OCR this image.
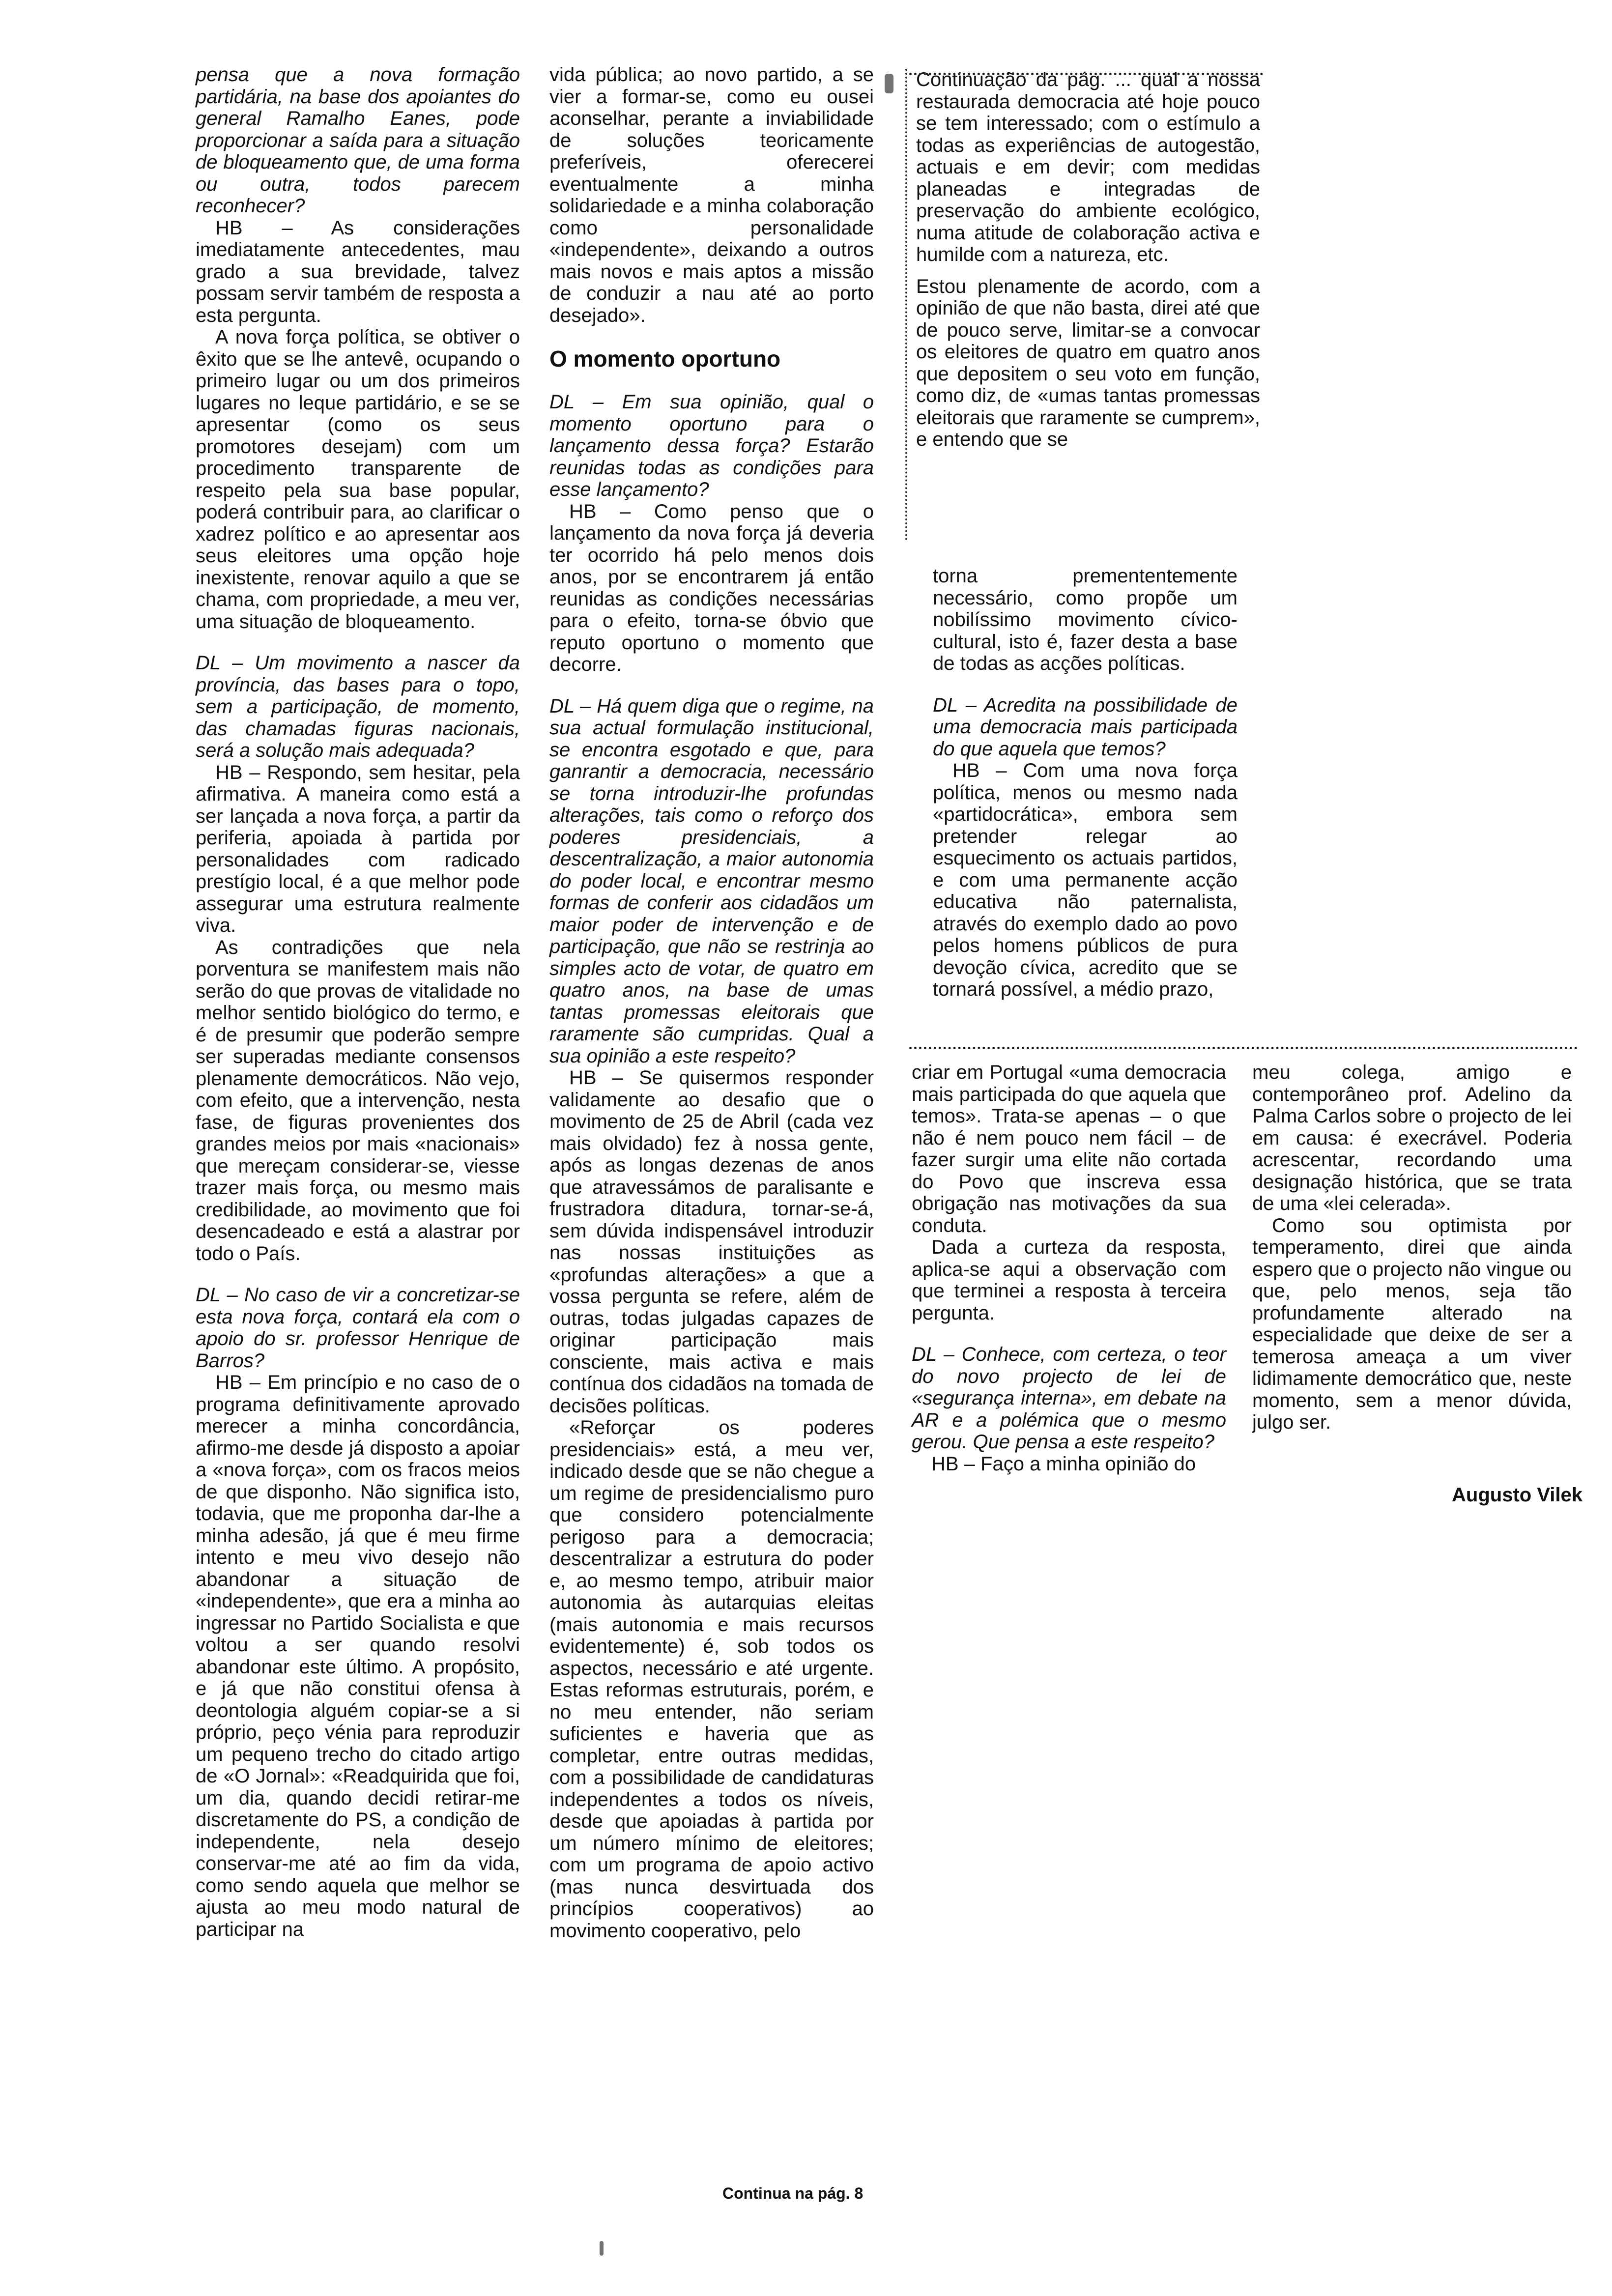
pensa que a nova formação partidária, na base dos apoiantes do general Ramalho Eanes, pode proporcionar a saída para a situação de bloqueamento que, de uma forma ou outra, todos parecem reconhecer?

HB – As considerações imediatamente antecedentes, mau grado a sua brevidade, talvez possam servir também de resposta a esta pergunta.

A nova força política, se obtiver o êxito que se lhe antevê, ocupando o primeiro lugar ou um dos primeiros lugares no leque partidário, e se se apresentar (como os seus promotores desejam) com um procedimento transparente de respeito pela sua base popular, poderá contribuir para, ao clarificar o xadrez político e ao apresentar aos seus eleitores uma opção hoje inexistente, renovar aquilo a que se chama, com propriedade, a meu ver, uma situação de bloqueamento.

DL – Um movimento a nascer da província, das bases para o topo, sem a participação, de momento, das chamadas figuras nacionais, será a solução mais adequada?

HB – Respondo, sem hesitar, pela afirmativa. A maneira como está a ser lançada a nova força, a partir da periferia, apoiada à partida por personalidades com radicado prestígio local, é a que melhor pode assegurar uma estrutura realmente viva.

As contradições que nela porventura se manifestem mais não serão do que provas de vitalidade no melhor sentido biológico do termo, e é de presumir que poderão sempre ser superadas mediante consensos plenamente democráticos. Não vejo, com efeito, que a intervenção, nesta fase, de figuras provenientes dos grandes meios por mais «nacionais» que mereçam considerar-se, viesse trazer mais força, ou mesmo mais credibilidade, ao movimento que foi desencadeado e está a alastrar por todo o País.

DL – No caso de vir a concretizar-se esta nova força, contará ela com o apoio do sr. professor Henrique de Barros?

HB – Em princípio e no caso de o programa definitivamente aprovado merecer a minha concordância, afirmo-me desde já disposto a apoiar a «nova força», com os fracos meios de que disponho. Não significa isto, todavia, que me proponha dar-lhe a minha adesão, já que é meu firme intento e meu vivo desejo não abandonar a situação de «independente», que era a minha ao ingressar no Partido Socialista e que voltou a ser quando resolvi abandonar este último. A propósito, e já que não constitui ofensa à deontologia alguém copiar-se a si próprio, peço vénia para reproduzir um pequeno trecho do citado artigo de «O Jornal»: «Readquirida que foi, um dia, quando decidi retirar-me discretamente do PS, a condição de independente, nela desejo conservar-me até ao fim da vida, como sendo aquela que melhor se ajusta ao meu modo natural de participar na

vida pública; ao novo partido, a se vier a formar-se, como eu ousei aconselhar, perante a inviabilidade de soluções teoricamente preferíveis, oferecerei eventualmente a minha solidariedade e a minha colaboração como personalidade «independente», deixando a outros mais novos e mais aptos a missão de conduzir a nau até ao porto desejado».

O momento oportuno

DL – Em sua opinião, qual o momento oportuno para o lançamento dessa força? Estarão reunidas todas as condições para esse lançamento?

HB – Como penso que o lançamento da nova força já deveria ter ocorrido há pelo menos dois anos, por se encontrarem já então reunidas as condições necessárias para o efeito, torna-se óbvio que reputo oportuno o momento que decorre.

DL – Há quem diga que o regime, na sua actual formulação institucional, se encontra esgotado e que, para ganrantir a democracia, necessário se torna introduzir-lhe profundas alterações, tais como o reforço dos poderes presidenciais, a descentralização, a maior autonomia do poder local, e encontrar mesmo formas de conferir aos cidadãos um maior poder de intervenção e de participação, que não se restrinja ao simples acto de votar, de quatro em quatro anos, na base de umas tantas promessas eleitorais que raramente são cumpridas. Qual a sua opinião a este respeito?

HB – Se quisermos responder validamente ao desafio que o movimento de 25 de Abril (cada vez mais olvidado) fez à nossa gente, após as longas dezenas de anos que atravessámos de paralisante e frustradora ditadura, tornar-se-á, sem dúvida indispensável introduzir nas nossas instituições as «profundas alterações» a que a vossa pergunta se refere, além de outras, todas julgadas capazes de originar participação mais consciente, mais activa e mais contínua dos cidadãos na tomada de decisões políticas.

«Reforçar os poderes presidenciais» está, a meu ver, indicado desde que se não chegue a um regime de presidencialismo puro que considero potencialmente perigoso para a democracia; descentralizar a estrutura do poder e, ao mesmo tempo, atribuir maior autonomia às autarquias eleitas (mais autonomia e mais recursos evidentemente) é, sob todos os aspectos, necessário e até urgente. Estas reformas estruturais, porém, e no meu entender, não seriam suficientes e haveria que as completar, entre outras medidas, com a possibilidade de candidaturas independentes a todos os níveis, desde que apoiadas à partida por um número mínimo de eleitores; com um programa de apoio activo (mas nunca desvirtuada dos princípios cooperativos) ao movimento cooperativo, pelo

Continuação da pág. ... qual a nossa restaurada democracia até hoje pouco se tem interessado; com o estímulo a todas as experiências de autogestão, actuais e em devir; com medidas planeadas e integradas de preservação do ambiente ecológico, numa atitude de colaboração activa e humilde com a natureza, etc.

Estou plenamente de acordo, com a opinião de que não basta, direi até que de pouco serve, limitar-se a convocar os eleitores de quatro em quatro anos que depositem o seu voto em função, como diz, de «umas tantas promessas eleitorais que raramente se cumprem», e entendo que se

torna premententemente necessário, como propõe um nobilíssimo movimento cívico-cultural, isto é, fazer desta a base de todas as acções políticas.

DL – Acredita na possibilidade de uma democracia mais participada do que aquela que temos?

HB – Com uma nova força política, menos ou mesmo nada «partidocrática», embora sem pretender relegar ao esquecimento os actuais partidos, e com uma permanente acção educativa não paternalista, através do exemplo dado ao povo pelos homens públicos de pura devoção cívica, acredito que se tornará possível, a médio prazo,

criar em Portugal «uma democracia mais participada do que aquela que temos». Trata-se apenas – o que não é nem pouco nem fácil – de fazer surgir uma elite não cortada do Povo que inscreva essa obrigação nas motivações da sua conduta.

Dada a curteza da resposta, aplica-se aqui a observação com que terminei a resposta à terceira pergunta.

DL – Conhece, com certeza, o teor do novo projecto de lei de «segurança interna», em debate na AR e a polémica que o mesmo gerou. Que pensa a este respeito?

HB – Faço a minha opinião do

meu colega, amigo e contemporâneo prof. Adelino da Palma Carlos sobre o projecto de lei em causa: é execrável. Poderia acrescentar, recordando uma designação histórica, que se trata de uma «lei celerada».

Como sou optimista por temperamento, direi que ainda espero que o projecto não vingue ou que, pelo menos, seja tão profundamente alterado na especialidade que deixe de ser a temerosa ameaça a um viver lidimamente democrático que, neste momento, sem a menor dúvida, julgo ser.

Augusto Vilek
Continua na pág. 8
